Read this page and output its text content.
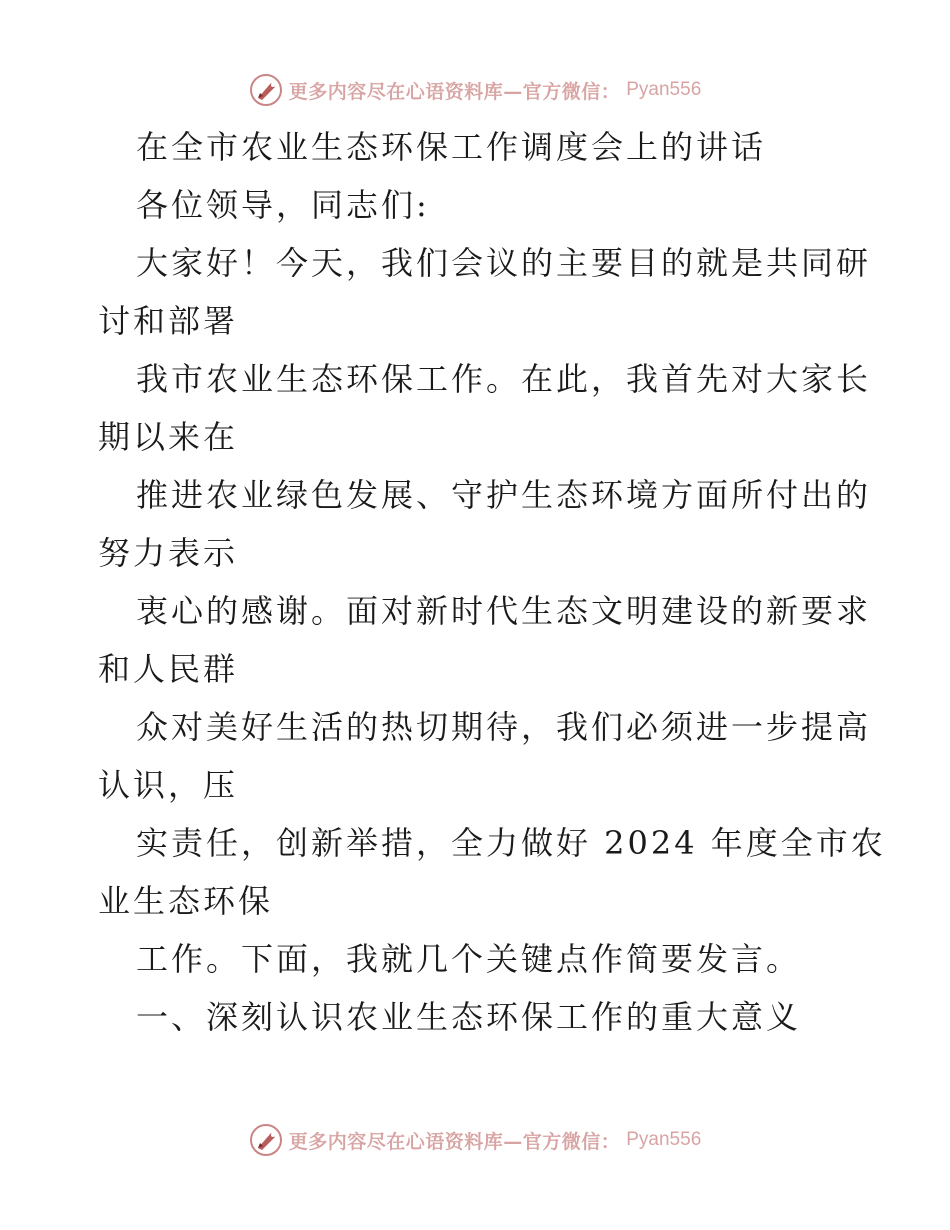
更多内容尽在心语资料库—官方微信： Pyan556
在全市农业生态环保工作调度会上的讲话
各位领导，同志们:
大家好！今天，我们会议的主要目的就是共同研
讨和部署
我市农业生态环保工作。在此，我首先对大家长
期以来在
推进农业绿色发展、守护生态环境方面所付出的
努力表示
衷心的感谢。面对新时代生态文明建设的新要求
和人民群
众对美好生活的热切期待，我们必须进一步提高
认识，压
实责任，创新举措，全力做好 2024 年度全市农
业生态环保
工作。下面，我就几个关键点作简要发言。
一、深刻认识农业生态环保工作的重大意义
更多内容尽在心语资料库—官方微信： Pyan556
